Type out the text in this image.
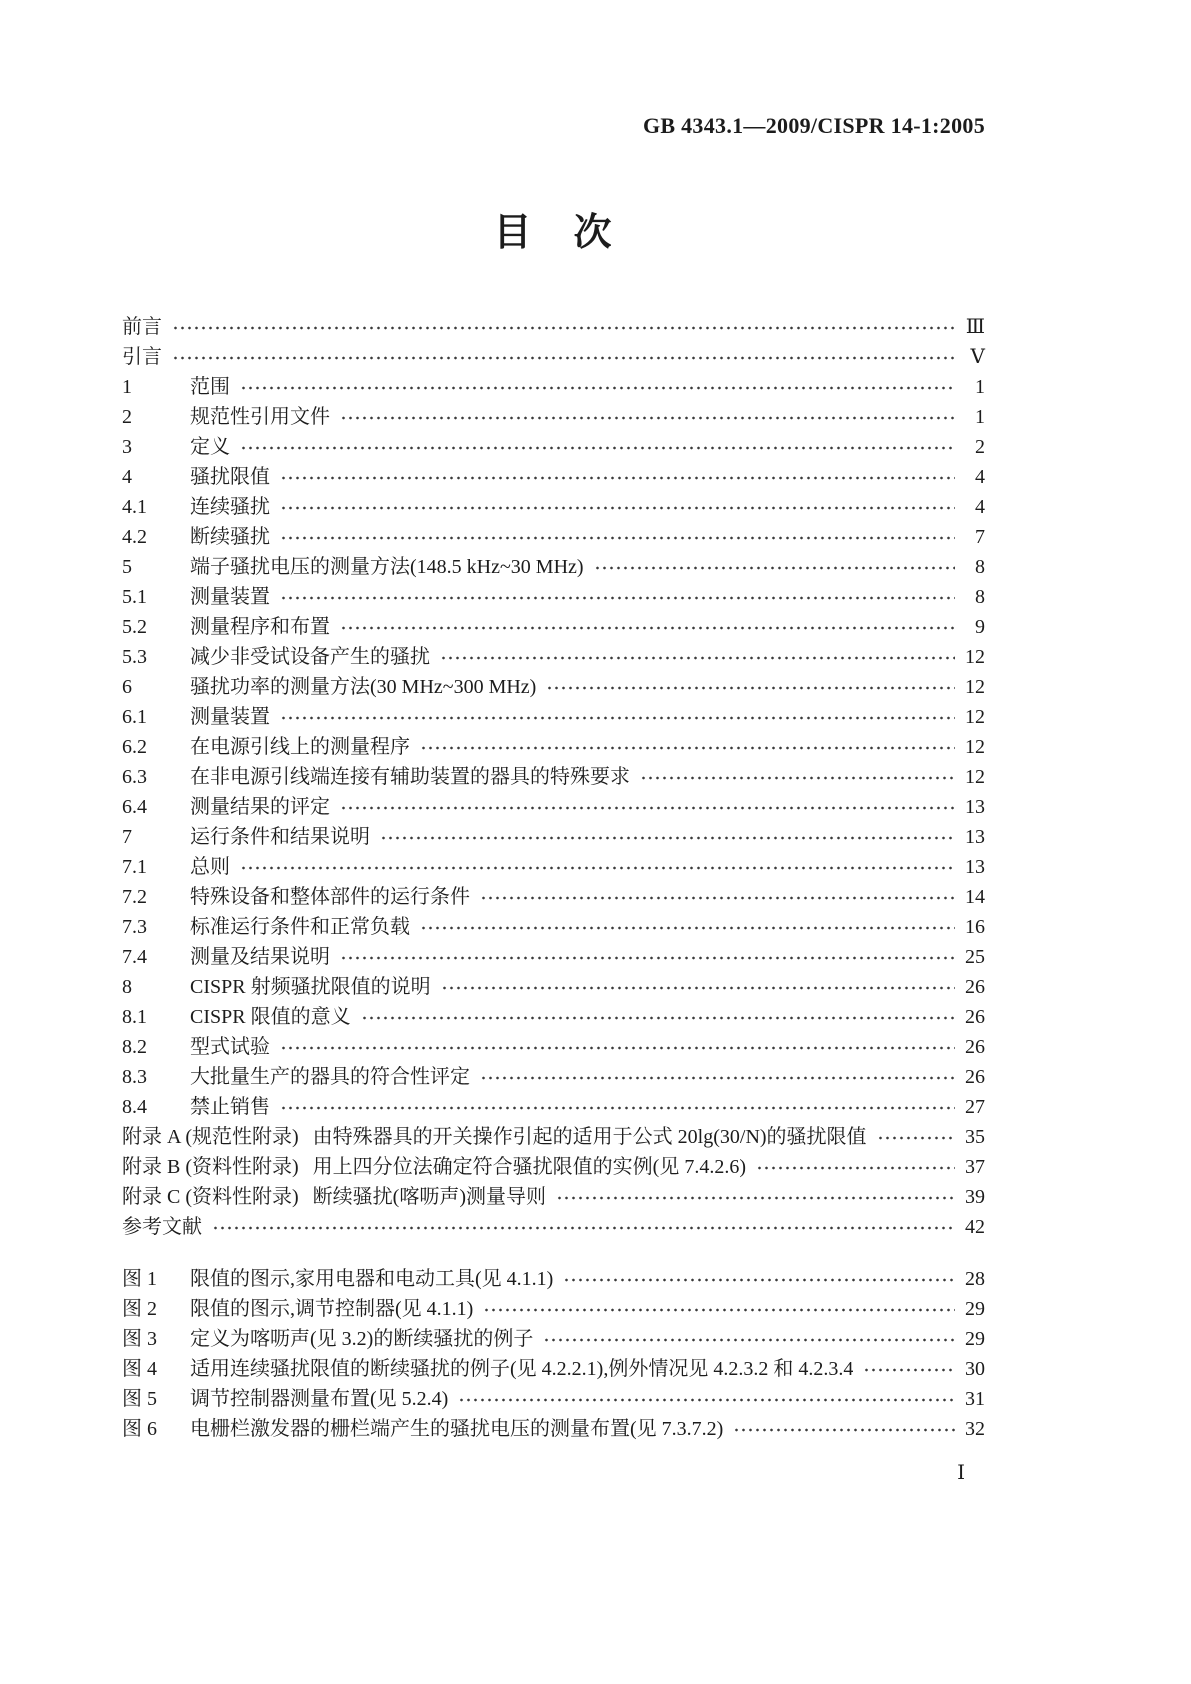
GB 4343.1—2009/CISPR 14-1:2005
目　次
前言	Ⅲ
引言	Ⅴ
1	范围	1
2	规范性引用文件	1
3	定义	2
4	骚扰限值	4
4.1	连续骚扰	4
4.2	断续骚扰	7
5	端子骚扰电压的测量方法(148.5 kHz~30 MHz)	8
5.1	测量装置	8
5.2	测量程序和布置	9
5.3	减少非受试设备产生的骚扰	12
6	骚扰功率的测量方法(30 MHz~300 MHz)	12
6.1	测量装置	12
6.2	在电源引线上的测量程序	12
6.3	在非电源引线端连接有辅助装置的器具的特殊要求	12
6.4	测量结果的评定	13
7	运行条件和结果说明	13
7.1	总则	13
7.2	特殊设备和整体部件的运行条件	14
7.3	标准运行条件和正常负载	16
7.4	测量及结果说明	25
8	CISPR 射频骚扰限值的说明	26
8.1	CISPR 限值的意义	26
8.2	型式试验	26
8.3	大批量生产的器具的符合性评定	26
8.4	禁止销售	27
附录 A (规范性附录) 由特殊器具的开关操作引起的适用于公式 20lg(30/N)的骚扰限值	35
附录 B (资料性附录) 用上四分位法确定符合骚扰限值的实例(见 7.4.2.6)	37
附录 C (资料性附录) 断续骚扰(喀呖声)测量导则	39
参考文献	42
图 1	限值的图示,家用电器和电动工具(见 4.1.1)	28
图 2	限值的图示,调节控制器(见 4.1.1)	29
图 3	定义为喀呖声(见 3.2)的断续骚扰的例子	29
图 4	适用连续骚扰限值的断续骚扰的例子(见 4.2.2.1),例外情况见 4.2.3.2 和 4.2.3.4	30
图 5	调节控制器测量布置(见 5.2.4)	31
图 6	电栅栏激发器的栅栏端产生的骚扰电压的测量布置(见 7.3.7.2)	32
Ⅰ
